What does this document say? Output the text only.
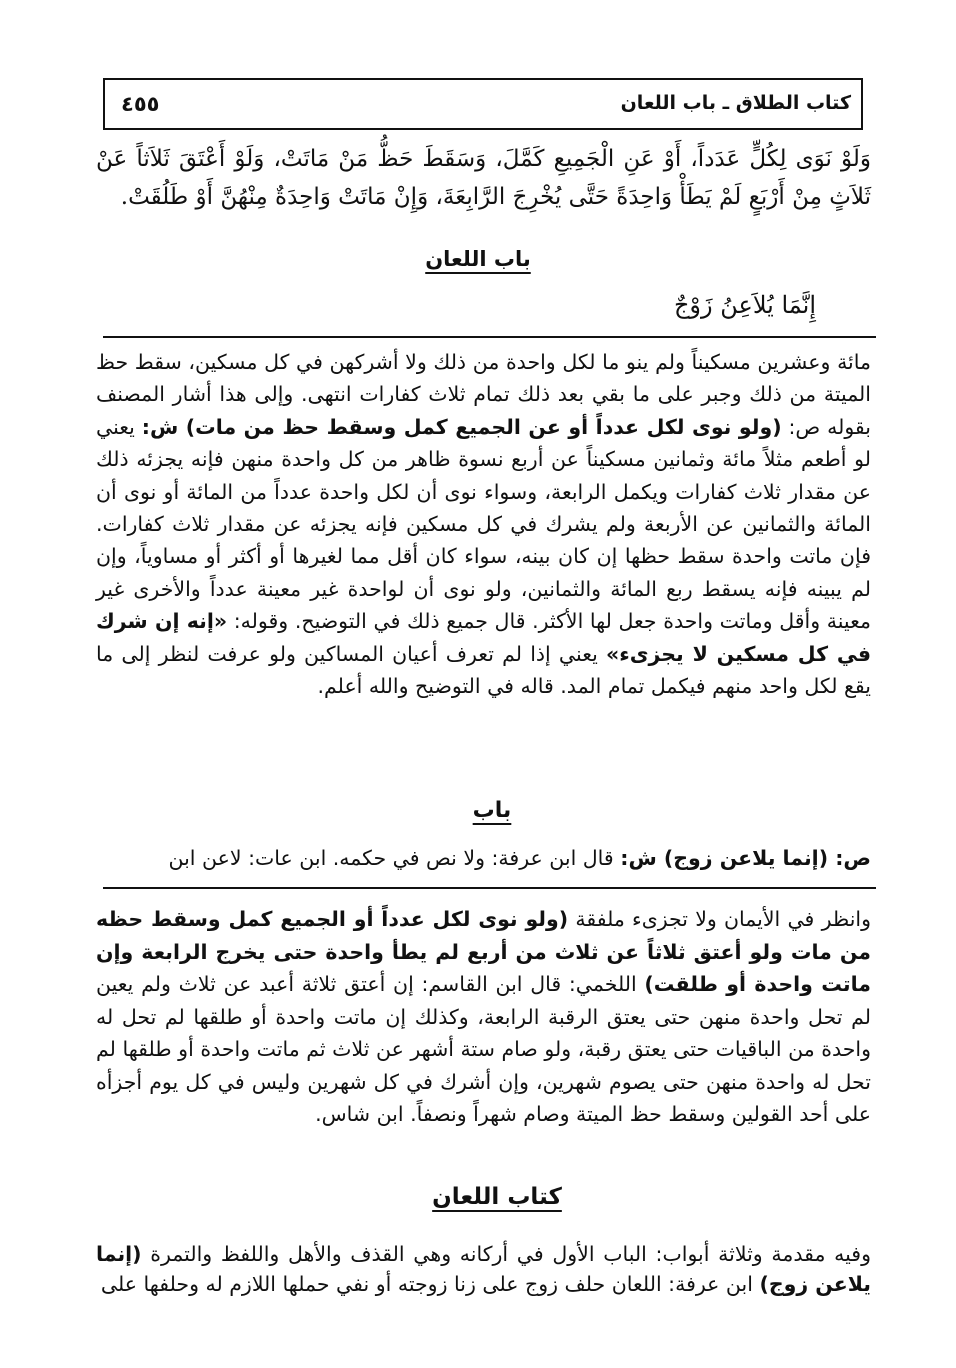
كتاب الطلاق ـ باب اللعان
٤٥٥

وَلَوْ نَوَى لِكُلٍّ عَدَداً، أَوْ عَنِ الْجَمِيعِ كَمَّلَ، وَسَقَطَ حَظُّ مَنْ مَاتَتْ، وَلَوْ أَعْتَقَ ثَلاَثاً عَنْ ثَلاَثٍ مِنْ أَرْبَعٍ لَمْ يَطَأْ وَاحِدَةً حَتَّى يُخْرِجَ الرَّابِعَةَ، وَإِنْ مَاتَتْ وَاحِدَةٌ مِنْهُنَّ أَوْ طَلُقَتْ.

باب اللعان
إِنَّمَا يُلاَعِنُ زَوْجٌ

مائة وعشرين مسكيناً ولم ينو ما لكل واحدة من ذلك ولا أشركهن في كل مسكين، سقط حظ الميتة من ذلك وجبر على ما بقي بعد ذلك تمام ثلاث كفارات انتهى. وإلى هذا أشار المصنف بقوله ص: (ولو نوى لكل عدداً أو عن الجميع كمل وسقط حظ من مات) ش: يعني لو أطعم مثلاً مائة وثمانين مسكيناً عن أربع نسوة ظاهر من كل واحدة منهن فإنه يجزئه ذلك عن مقدار ثلاث كفارات ويكمل الرابعة، وسواء نوى أن لكل واحدة عدداً من المائة أو نوى أن المائة والثمانين عن الأربعة ولم يشرك في كل مسكين فإنه يجزئه عن مقدار ثلاث كفارات. فإن ماتت واحدة سقط حظها إن كان بينه، سواء كان أقل مما لغيرها أو أكثر أو مساوياً، وإن لم يبينه فإنه يسقط ربع المائة والثمانين، ولو نوى أن لواحدة غير معينة عدداً والأخرى غير معينة وأقل وماتت واحدة جعل لها الأكثر. قال جميع ذلك في التوضيح. وقوله: «إنه إن شرك في كل مسكين لا يجزىء» يعني إذا لم تعرف أعيان المساكين ولو عرفت لنظر إلى ما يقع لكل واحد منهم فيكمل تمام المد. قاله في التوضيح والله أعلم.

باب
ص: (إنما يلاعن زوج) ش: قال ابن عرفة: ولا نص في حكمه. ابن عات: لاعن ابن

وانظر في الأيمان ولا تجزىء ملفقة (ولو نوى لكل عدداً أو الجميع كمل وسقط حظه من مات ولو أعتق ثلاثاً عن ثلاث من أربع لم يطأ واحدة حتى يخرج الرابعة وإن ماتت واحدة أو طلقت) اللخمي: قال ابن القاسم: إن أعتق ثلاثة أعبد عن ثلاث ولم يعين لم تحل واحدة منهن حتى يعتق الرقبة الرابعة، وكذلك إن ماتت واحدة أو طلقها لم تحل له واحدة من الباقيات حتى يعتق رقبة، ولو صام ستة أشهر عن ثلاث ثم ماتت واحدة أو طلقها لم تحل له واحدة منهن حتى يصوم شهرين، وإن أشرك في كل شهرين وليس في كل يوم أجزأه على أحد القولين وسقط حظ الميتة وصام شهراً ونصفاً. ابن شاس.

كتاب اللعان

وفيه مقدمة وثلاثة أبواب: الباب الأول في أركانه وهي القذف والأهل واللفظ والتمرة (إنما يلاعن زوج) ابن عرفة: اللعان حلف زوج على زنا زوجته أو نفي حملها اللازم له وحلفها على
